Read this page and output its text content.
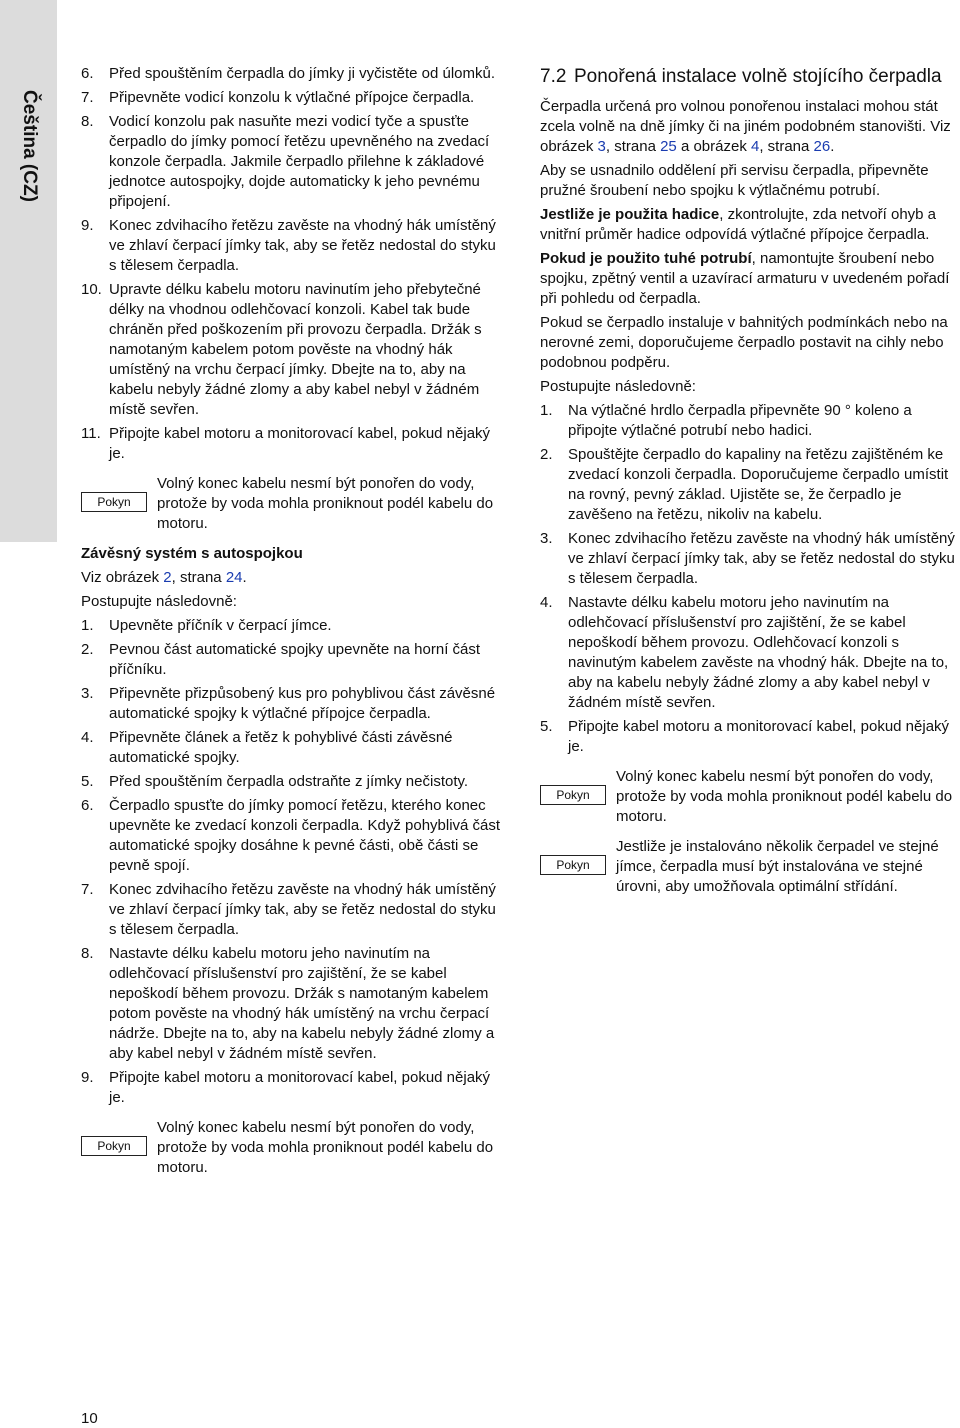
Čeština (CZ)
6. Před spouštěním čerpadla do jímky ji vyčistěte od úlomků.
7. Připevněte vodicí konzolu k výtlačné přípojce čerpadla.
8. Vodicí konzolu pak nasuňte mezi vodicí tyče a spusťte čerpadlo do jímky pomocí řetězu upevněného na zvedací konzole čerpadla. Jakmile čerpadlo přilehne k základové jednotce autospojky, dojde automaticky k jeho pevnému připojení.
9. Konec zdvihacího řetězu zavěste na vhodný hák umístěný ve zhlaví čerpací jímky tak, aby se řetěz nedostal do styku s tělesem čerpadla.
10. Upravte délku kabelu motoru navinutím jeho přebytečné délky na vhodnou odlehčovací konzoli. Kabel tak bude chráněn před poškozením při provozu čerpadla. Držák s namotaným kabelem potom pověste na vhodný hák umístěný na vrchu čerpací jímky. Dbejte na to, aby na kabelu nebyly žádné zlomy a aby kabel nebyl v žádném místě sevřen.
11. Připojte kabel motoru a monitorovací kabel, pokud nějaký je.
Pokyn
Volný konec kabelu nesmí být ponořen do vody, protože by voda mohla proniknout podél kabelu do motoru.
Závěsný systém s autospojkou

Viz obrázek 2, strana 24.

Postupujte následovně:

1. Upevněte příčník v čerpací jímce.
2. Pevnou část automatické spojky upevněte na horní část příčníku.
3. Připevněte přizpůsobený kus pro pohyblivou část závěsné automatické spojky k výtlačné přípojce čerpadla.
4. Připevněte článek a řetěz k pohyblivé části závěsné automatické spojky.
5. Před spouštěním čerpadla odstraňte z jímky nečistoty.
6. Čerpadlo spusťte do jímky pomocí řetězu, kterého konec upevněte ke zvedací konzoli čerpadla. Když pohyblivá část automatické spojky dosáhne k pevné části, obě části se pevně spojí.
7. Konec zdvihacího řetězu zavěste na vhodný hák umístěný ve zhlaví čerpací jímky tak, aby se řetěz nedostal do styku s tělesem čerpadla.
8. Nastavte délku kabelu motoru jeho navinutím na odlehčovací příslušenství pro zajištění, že se kabel nepoškodí během provozu. Držák s namotaným kabelem potom pověste na vhodný hák umístěný na vrchu čerpací nádrže. Dbejte na to, aby na kabelu nebyly žádné zlomy a aby kabel nebyl v žádném místě sevřen.
9. Připojte kabel motoru a monitorovací kabel, pokud nějaký je.
Pokyn
Volný konec kabelu nesmí být ponořen do vody, protože by voda mohla proniknout podél kabelu do motoru.
7.2 Ponořená instalace volně stojícího čerpadla

Čerpadla určená pro volnou ponořenou instalaci mohou stát zcela volně na dně jímky či na jiném podobném stanovišti. Viz obrázek 3, strana 25 a obrázek 4, strana 26.

Aby se usnadnilo oddělení při servisu čerpadla, připevněte pružné šroubení nebo spojku k výtlačnému potrubí.

Jestliže je použita hadice, zkontrolujte, zda netvoří ohyb a vnitřní průměr hadice odpovídá výtlačné přípojce čerpadla.

Pokud je použito tuhé potrubí, namontujte šroubení nebo spojku, zpětný ventil a uzavírací armaturu v uvedeném pořadí při pohledu od čerpadla.

Pokud se čerpadlo instaluje v bahnitých podmínkách nebo na nerovné zemi, doporučujeme čerpadlo postavit na cihly nebo podobnou podpěru.

Postupujte následovně:

1. Na výtlačné hrdlo čerpadla připevněte 90 ° koleno a připojte výtlačné potrubí nebo hadici.
2. Spouštějte čerpadlo do kapaliny na řetězu zajištěném ke zvedací konzoli čerpadla. Doporučujeme čerpadlo umístit na rovný, pevný základ. Ujistěte se, že čerpadlo je zavěšeno na řetězu, nikoliv na kabelu.
3. Konec zdvihacího řetězu zavěste na vhodný hák umístěný ve zhlaví čerpací jímky tak, aby se řetěz nedostal do styku s tělesem čerpadla.
4. Nastavte délku kabelu motoru jeho navinutím na odlehčovací příslušenství pro zajištění, že se kabel nepoškodí během provozu. Odlehčovací konzoli s navinutým kabelem zavěste na vhodný hák. Dbejte na to, aby na kabelu nebyly žádné zlomy a aby kabel nebyl v žádném místě sevřen.
5. Připojte kabel motoru a monitorovací kabel, pokud nějaký je.
Pokyn
Volný konec kabelu nesmí být ponořen do vody, protože by voda mohla proniknout podél kabelu do motoru.
Pokyn
Jestliže je instalováno několik čerpadel ve stejné jímce, čerpadla musí být instalována ve stejné úrovni, aby umožňovala optimální střídání.
10
